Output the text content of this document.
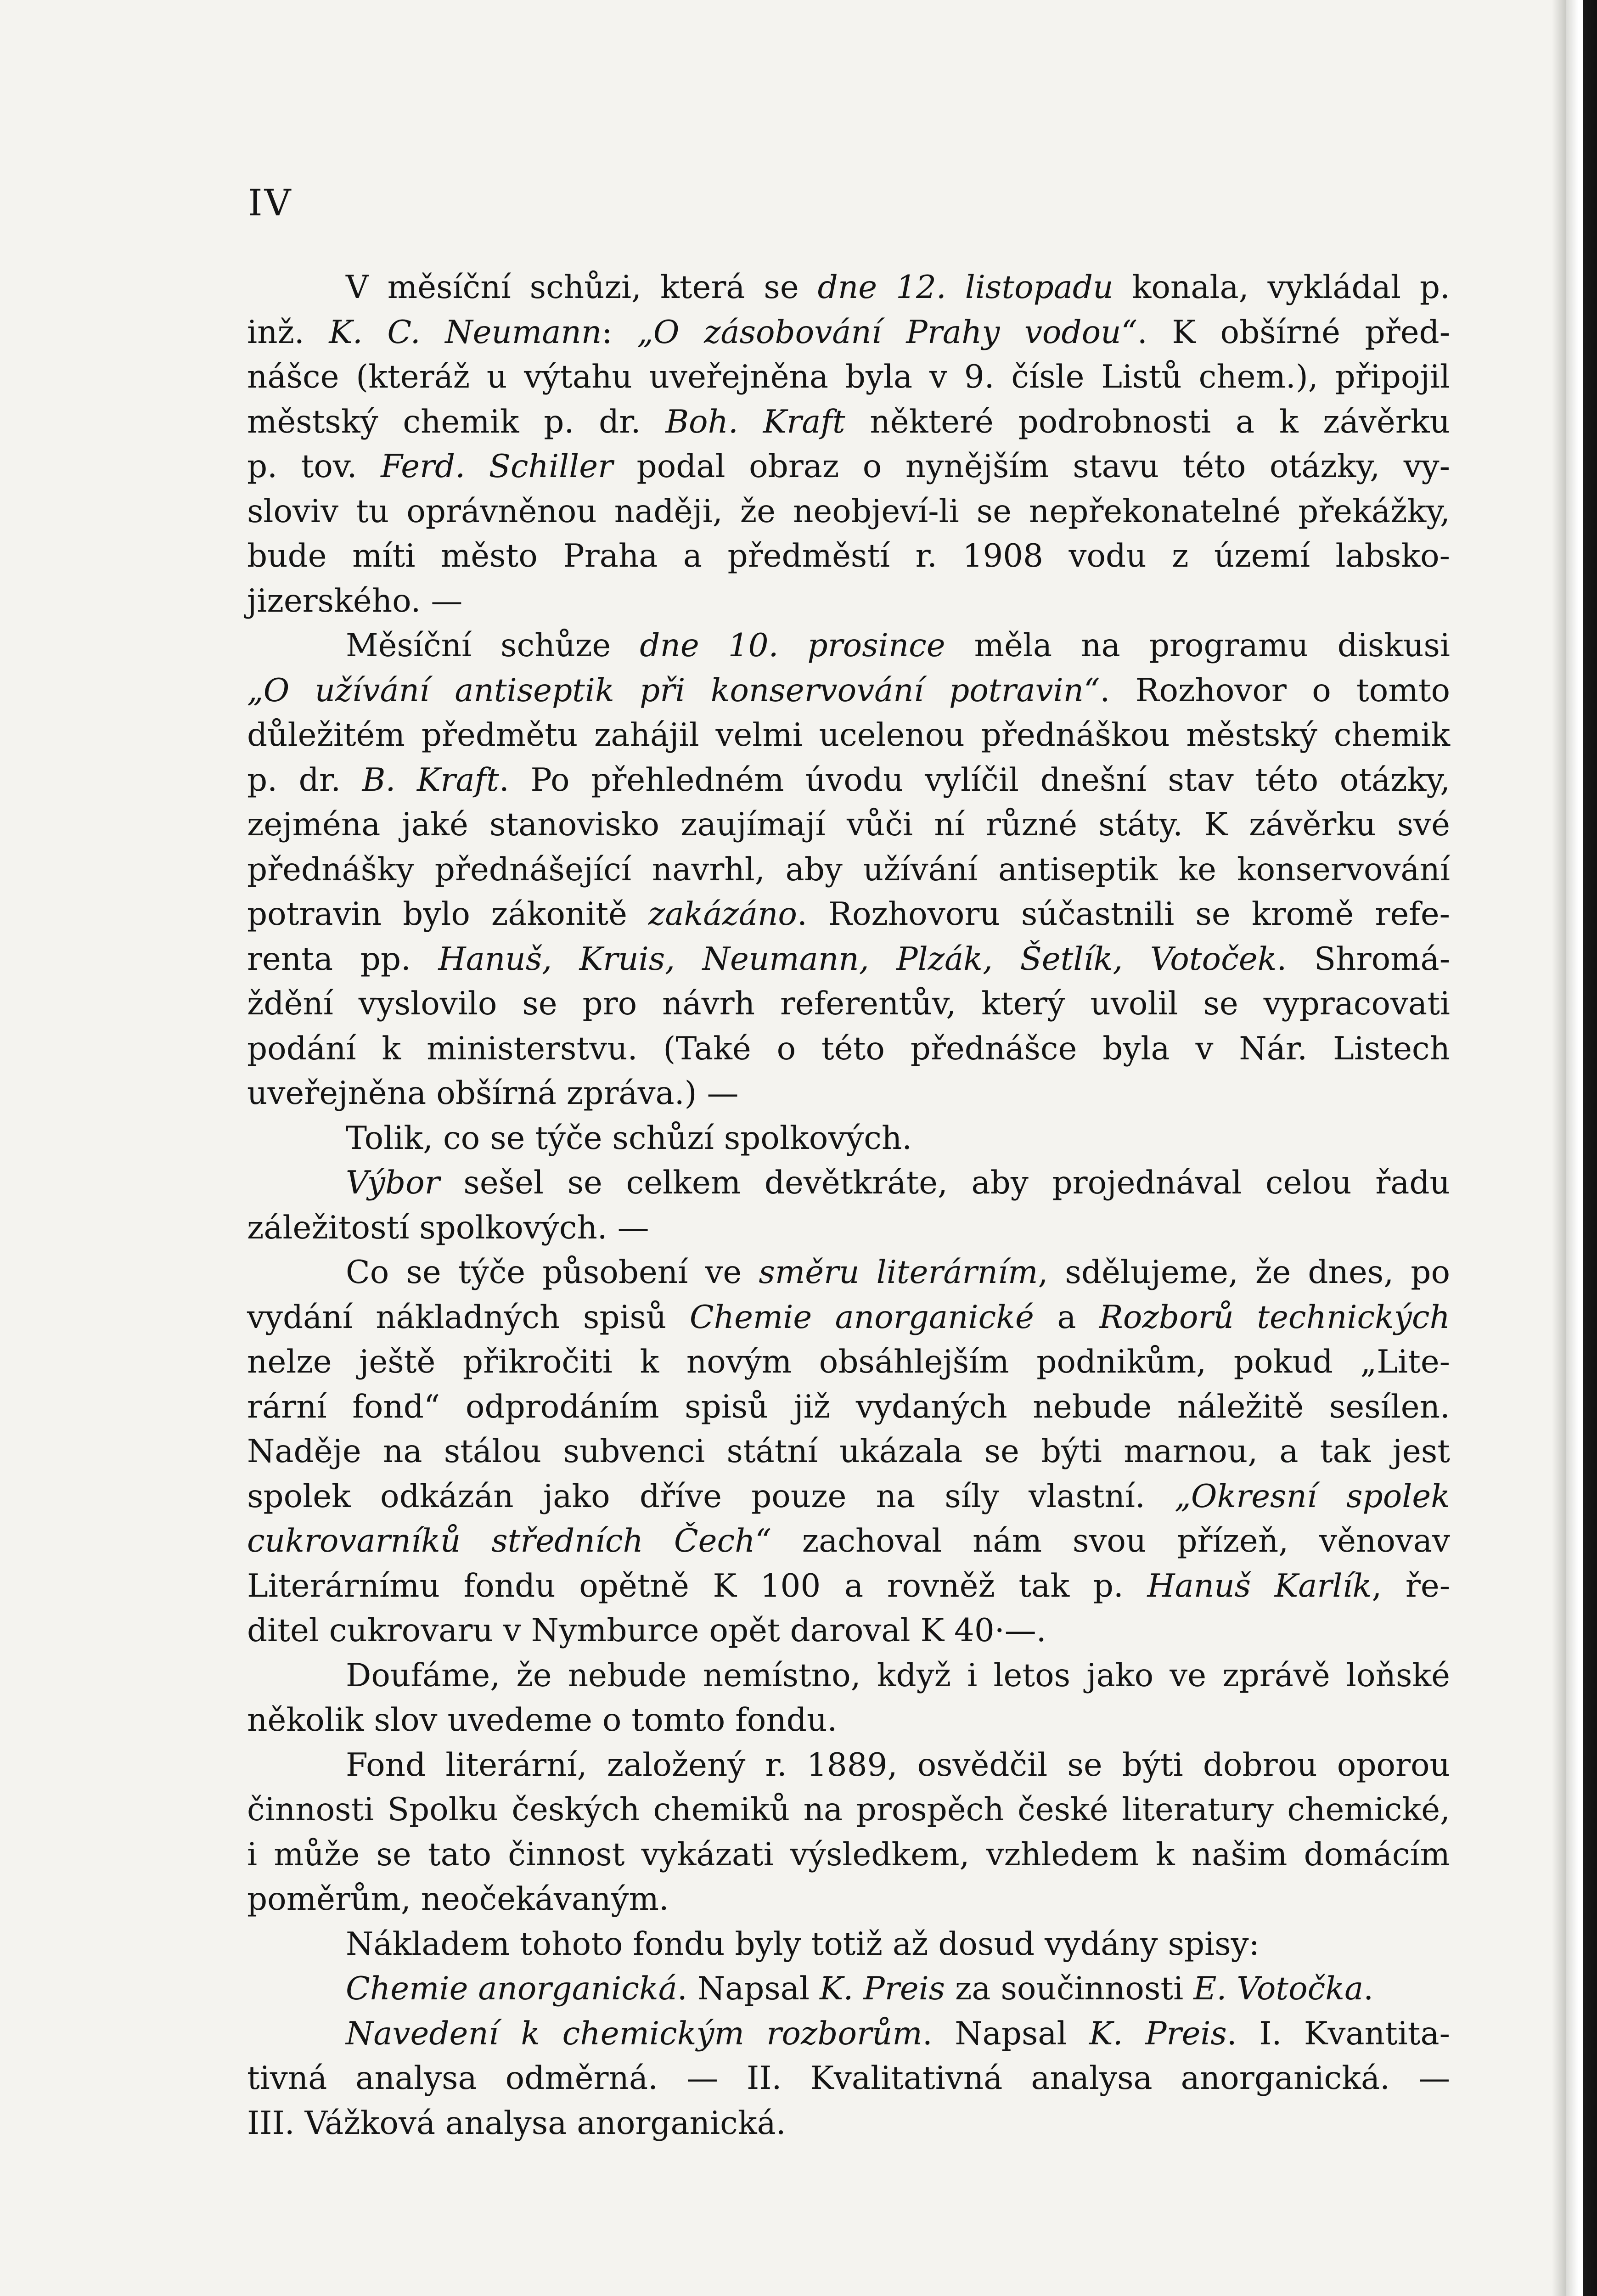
IV
V měsíční schůzi, která se dne 12. listopadu konala, vykládal p.
inž. K. C. Neumann: „O zásobování Prahy vodou“. K obšírné před-
nášce (kteráž u výtahu uveřejněna byla v 9. čísle Listů chem.), připojil
městský chemik p. dr. Boh. Kraft některé podrobnosti a k závěrku
p. tov. Ferd. Schiller podal obraz o nynějším stavu této otázky, vy-
sloviv tu oprávněnou naději, že neobjeví-li se nepřekonatelné překážky,
bude míti město Praha a předměstí r. 1908 vodu z území labsko-
jizerského. —
Měsíční schůze dne 10. prosince měla na programu diskusi
„O užívání antiseptik při konservování potravin“. Rozhovor o tomto
důležitém předmětu zahájil velmi ucelenou přednáškou městský chemik
p. dr. B. Kraft. Po přehledném úvodu vylíčil dnešní stav této otázky,
zejména jaké stanovisko zaujímají vůči ní různé státy. K závěrku své
přednášky přednášející navrhl, aby užívání antiseptik ke konservování
potravin bylo zákonitě zakázáno. Rozhovoru súčastnili se kromě refe-
renta pp. Hanuš, Kruis, Neumann, Plzák, Šetlík, Votoček. Shromá-
ždění vyslovilo se pro návrh referentův, který uvolil se vypracovati
podání k ministerstvu. (Také o této přednášce byla v Nár. Listech
uveřejněna obšírná zpráva.) —
Tolik, co se týče schůzí spolkových.
Výbor sešel se celkem devětkráte, aby projednával celou řadu
záležitostí spolkových. —
Co se týče působení ve směru literárním, sdělujeme, že dnes, po
vydání nákladných spisů Chemie anorganické a Rozborů technických
nelze ještě přikročiti k novým obsáhlejším podnikům, pokud „Lite-
rární fond“ odprodáním spisů již vydaných nebude náležitě sesílen.
Naděje na stálou subvenci státní ukázala se býti marnou, a tak jest
spolek odkázán jako dříve pouze na síly vlastní. „Okresní spolek
cukrovarníků středních Čech“ zachoval nám svou přízeň, věnovav
Literárnímu fondu opětně K 100 a rovněž tak p. Hanuš Karlík, ře-
ditel cukrovaru v Nymburce opět daroval K 40·—.
Doufáme, že nebude nemístno, když i letos jako ve zprávě loňské
několik slov uvedeme o tomto fondu.
Fond literární, založený r. 1889, osvědčil se býti dobrou oporou
činnosti Spolku českých chemiků na prospěch české literatury chemické,
i může se tato činnost vykázati výsledkem, vzhledem k našim domácím
poměrům, neočekávaným.
Nákladem tohoto fondu byly totiž až dosud vydány spisy:
Chemie anorganická. Napsal K. Preis za součinnosti E. Votočka.
Navedení k chemickým rozborům. Napsal K. Preis. I. Kvantita-
tivná analysa odměrná. — II. Kvalitativná analysa anorganická. —
III. Vážková analysa anorganická.
